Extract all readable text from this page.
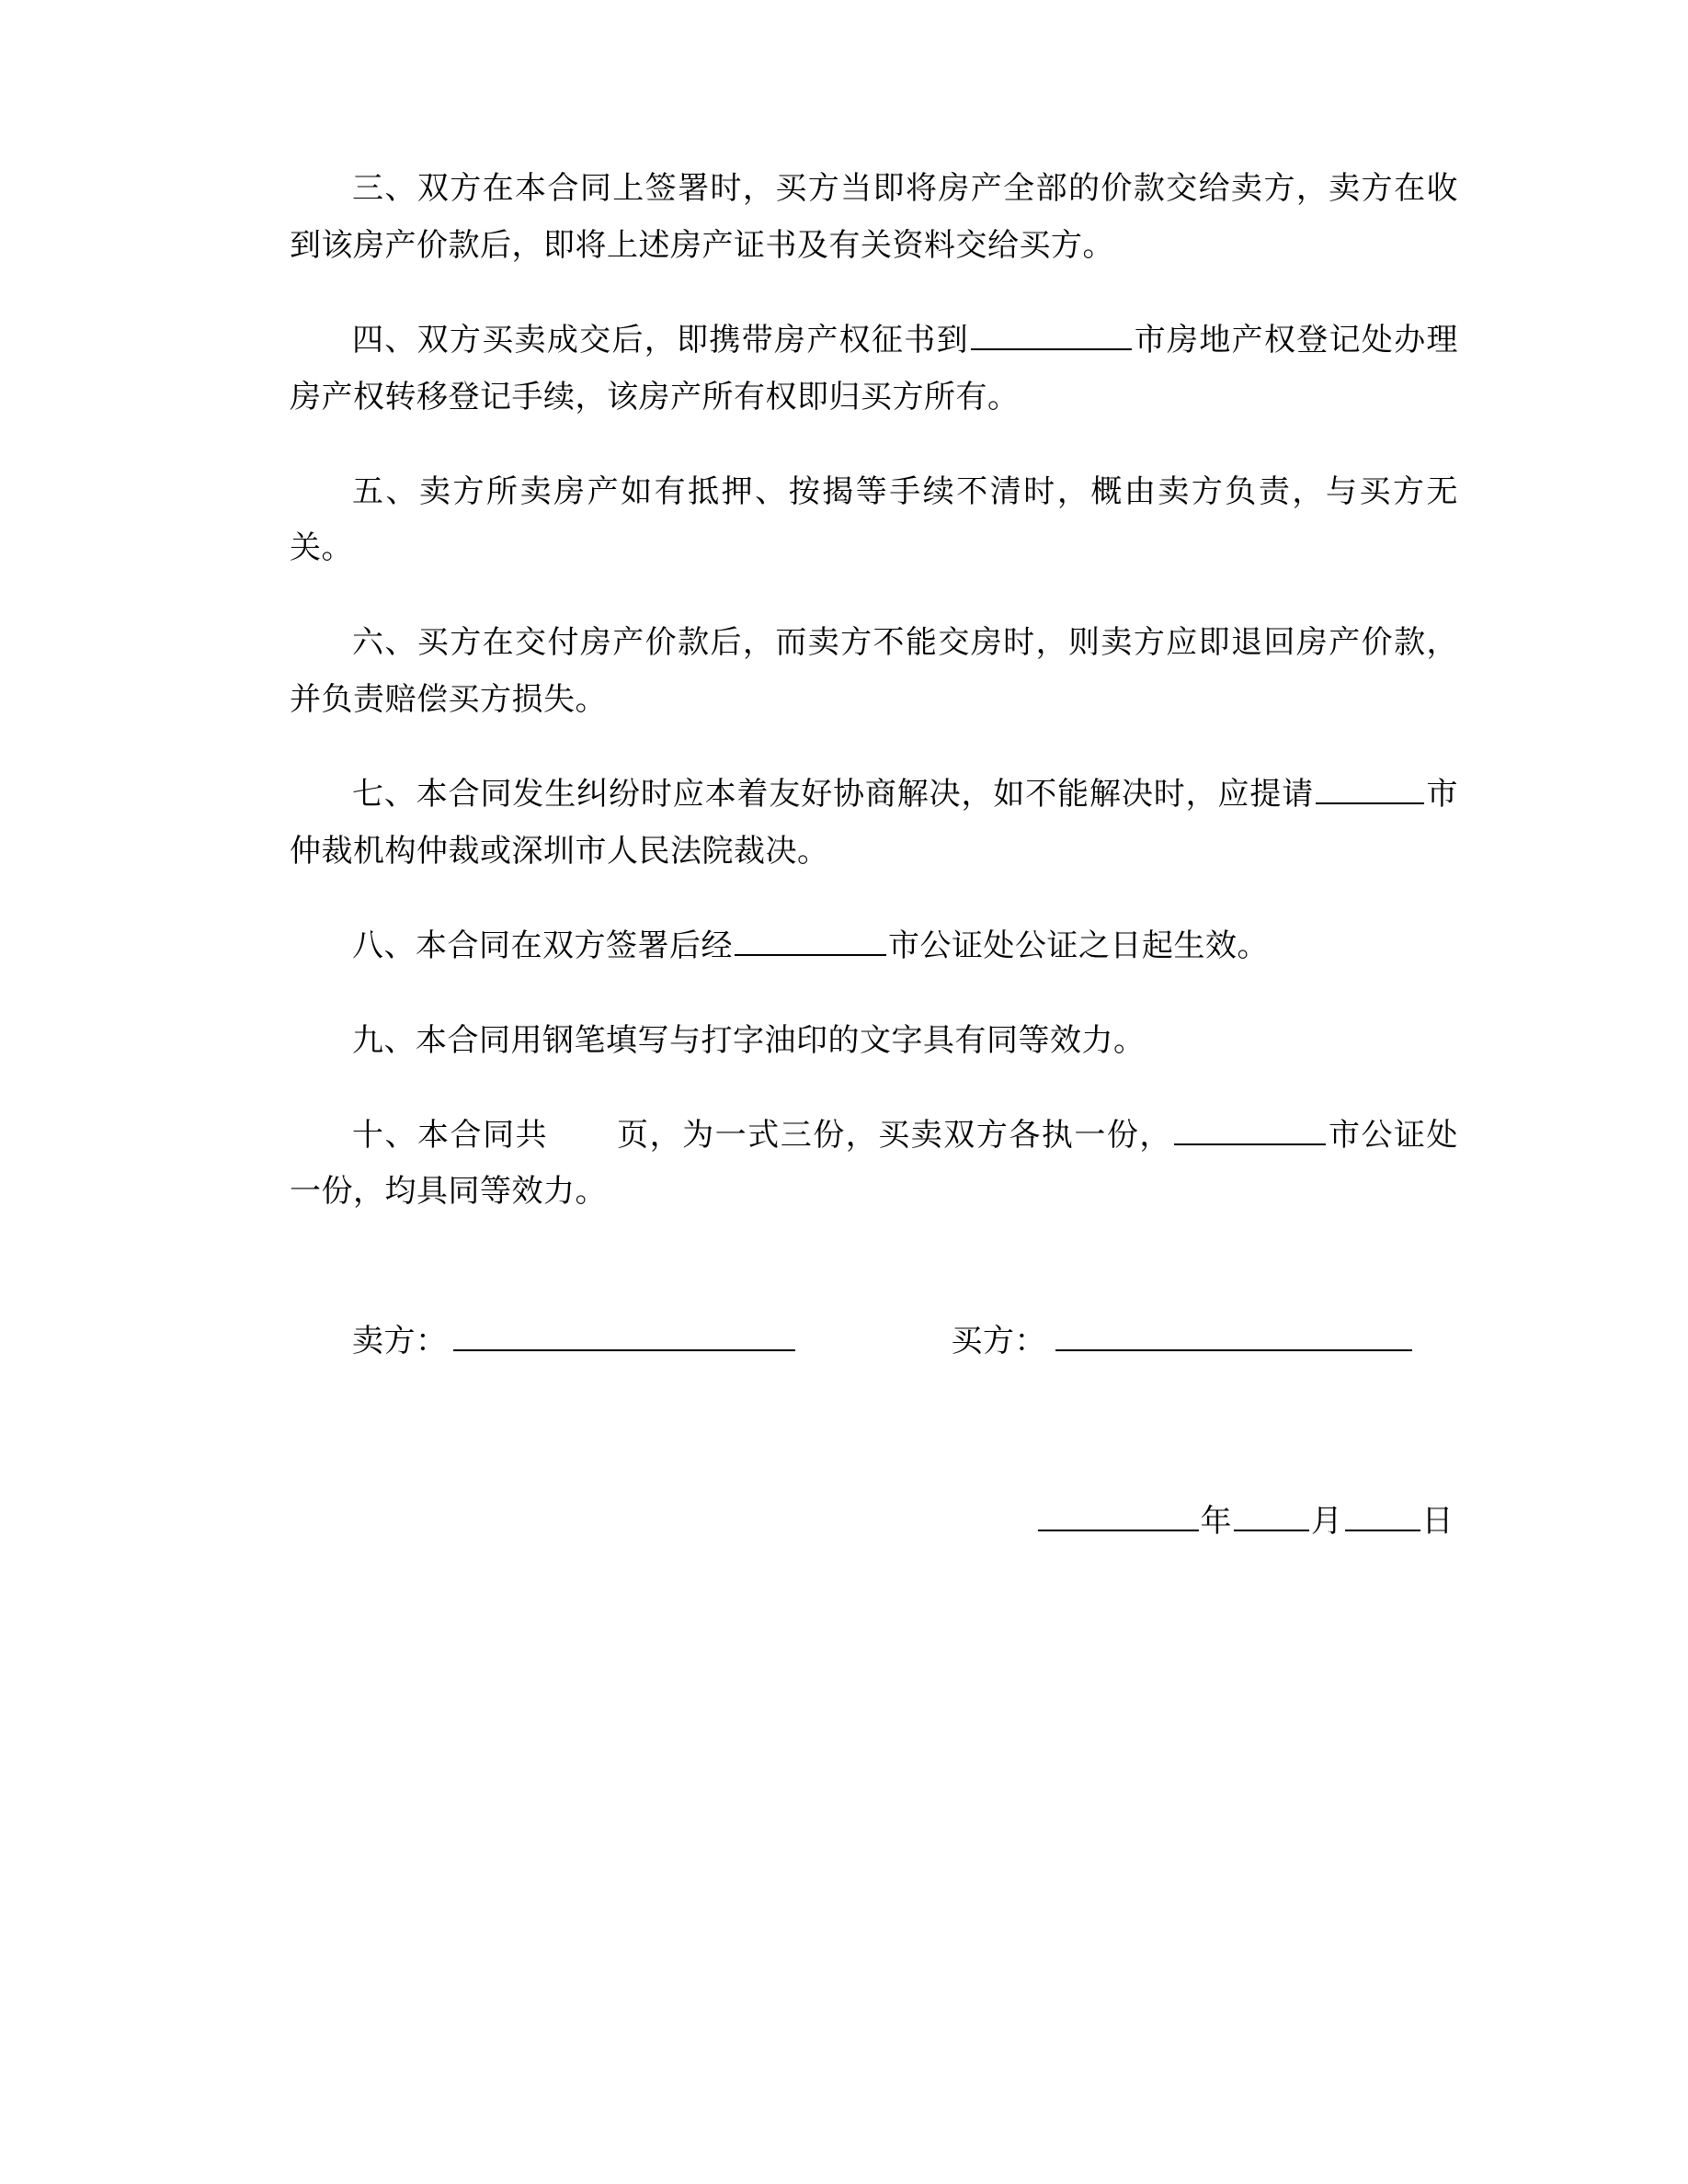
三、双方在本合同上签署时，买方当即将房产全部的价款交给卖方，卖方在收到该房产价款后，即将上述房产证书及有关资料交给买方。

四、双方买卖成交后，即携带房产权征书到	市房地产权登记处办理房产权转移登记手续，该房产所有权即归买方所有。

五、卖方所卖房产如有抵押、按揭等手续不清时，概由卖方负责，与买方无关。

六、买方在交付房产价款后，而卖方不能交房时，则卖方应即退回房产价款，并负责赔偿买方损失。

七、本合同发生纠纷时应本着友好协商解决，如不能解决时，应提请	市仲裁机构仲裁或深圳市人民法院裁决。

八、本合同在双方签署后经	市公证处公证之日起生效。

九、本合同用钢笔填写与打字油印的文字具有同等效力。

十、本合同共 页，为一式三份，买卖双方各执一份，	市公证处一份，均具同等效力。

卖方：	买方：
年	月	日
